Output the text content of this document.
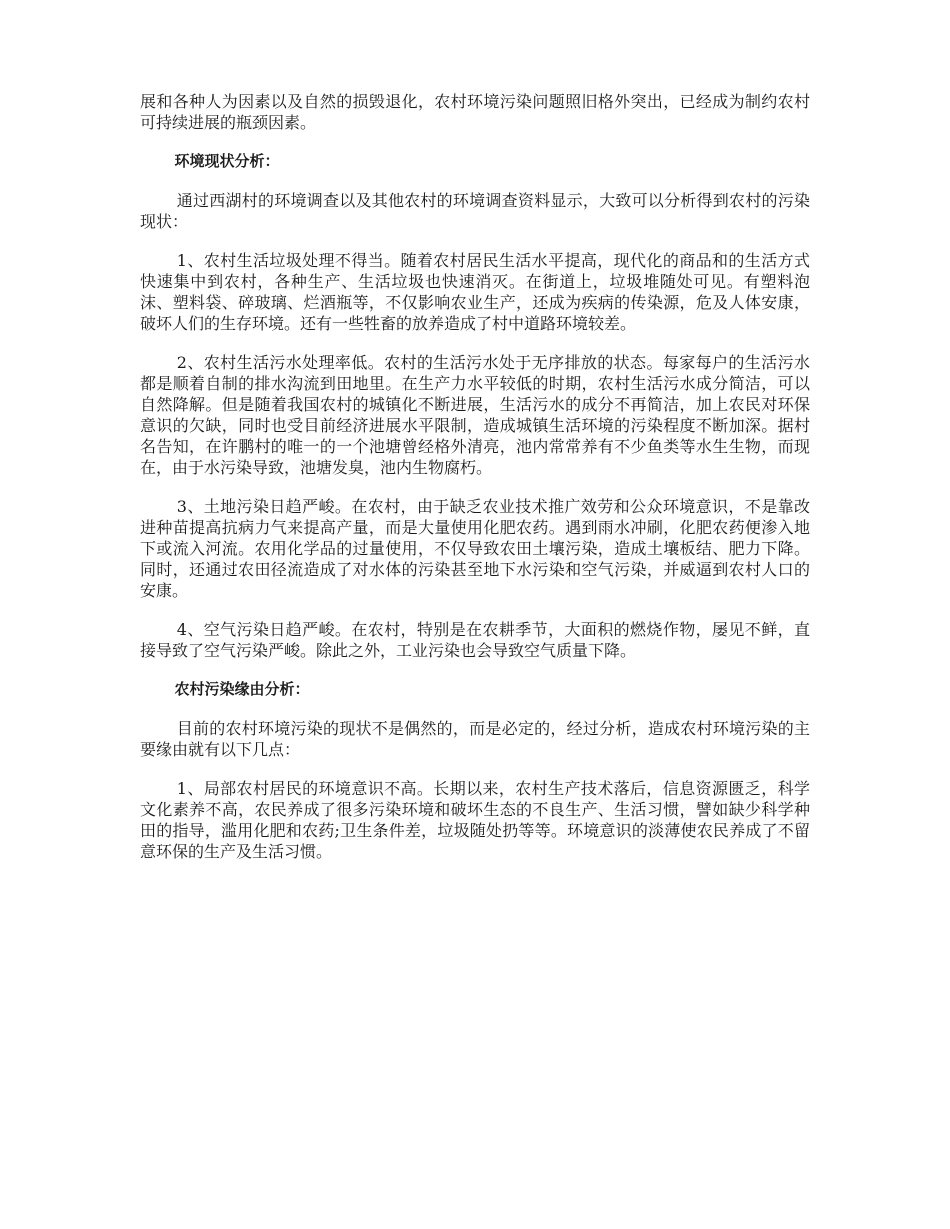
展和各种人为因素以及自然的损毁退化，农村环境污染问题照旧格外突出，已经成为制约农村可持续进展的瓶颈因素。

环境现状分析：

通过西湖村的环境调查以及其他农村的环境调查资料显示，大致可以分析得到农村的污染现状：

1、农村生活垃圾处理不得当。随着农村居民生活水平提高，现代化的商品和的生活方式快速集中到农村，各种生产、生活垃圾也快速消灭。在街道上，垃圾堆随处可见。有塑料泡沫、塑料袋、碎玻璃、烂酒瓶等，不仅影响农业生产，还成为疾病的传染源，危及人体安康，破坏人们的生存环境。还有一些牲畜的放养造成了村中道路环境较差。

2、农村生活污水处理率低。农村的生活污水处于无序排放的状态。每家每户的生活污水都是顺着自制的排水沟流到田地里。在生产力水平较低的时期，农村生活污水成分简洁，可以自然降解。但是随着我国农村的城镇化不断进展，生活污水的成分不再简洁，加上农民对环保意识的欠缺，同时也受目前经济进展水平限制，造成城镇生活环境的污染程度不断加深。据村名告知，在许鹏村的唯一的一个池塘曾经格外清亮，池内常常养有不少鱼类等水生生物，而现在，由于水污染导致，池塘发臭，池内生物腐朽。

3、土地污染日趋严峻。在农村，由于缺乏农业技术推广效劳和公众环境意识，不是靠改进种苗提高抗病力气来提高产量，而是大量使用化肥农药。遇到雨水冲刷，化肥农药便渗入地下或流入河流。农用化学品的过量使用，不仅导致农田土壤污染，造成土壤板结、肥力下降。同时，还通过农田径流造成了对水体的污染甚至地下水污染和空气污染，并威逼到农村人口的安康。

4、空气污染日趋严峻。在农村，特别是在农耕季节，大面积的燃烧作物，屡见不鲜，直接导致了空气污染严峻。除此之外，工业污染也会导致空气质量下降。

农村污染缘由分析：

目前的农村环境污染的现状不是偶然的，而是必定的，经过分析，造成农村环境污染的主要缘由就有以下几点：

1、局部农村居民的环境意识不高。长期以来，农村生产技术落后，信息资源匮乏，科学文化素养不高，农民养成了很多污染环境和破坏生态的不良生产、生活习惯，譬如缺少科学种田的指导，滥用化肥和农药;卫生条件差，垃圾随处扔等等。环境意识的淡薄使农民养成了不留意环保的生产及生活习惯。
